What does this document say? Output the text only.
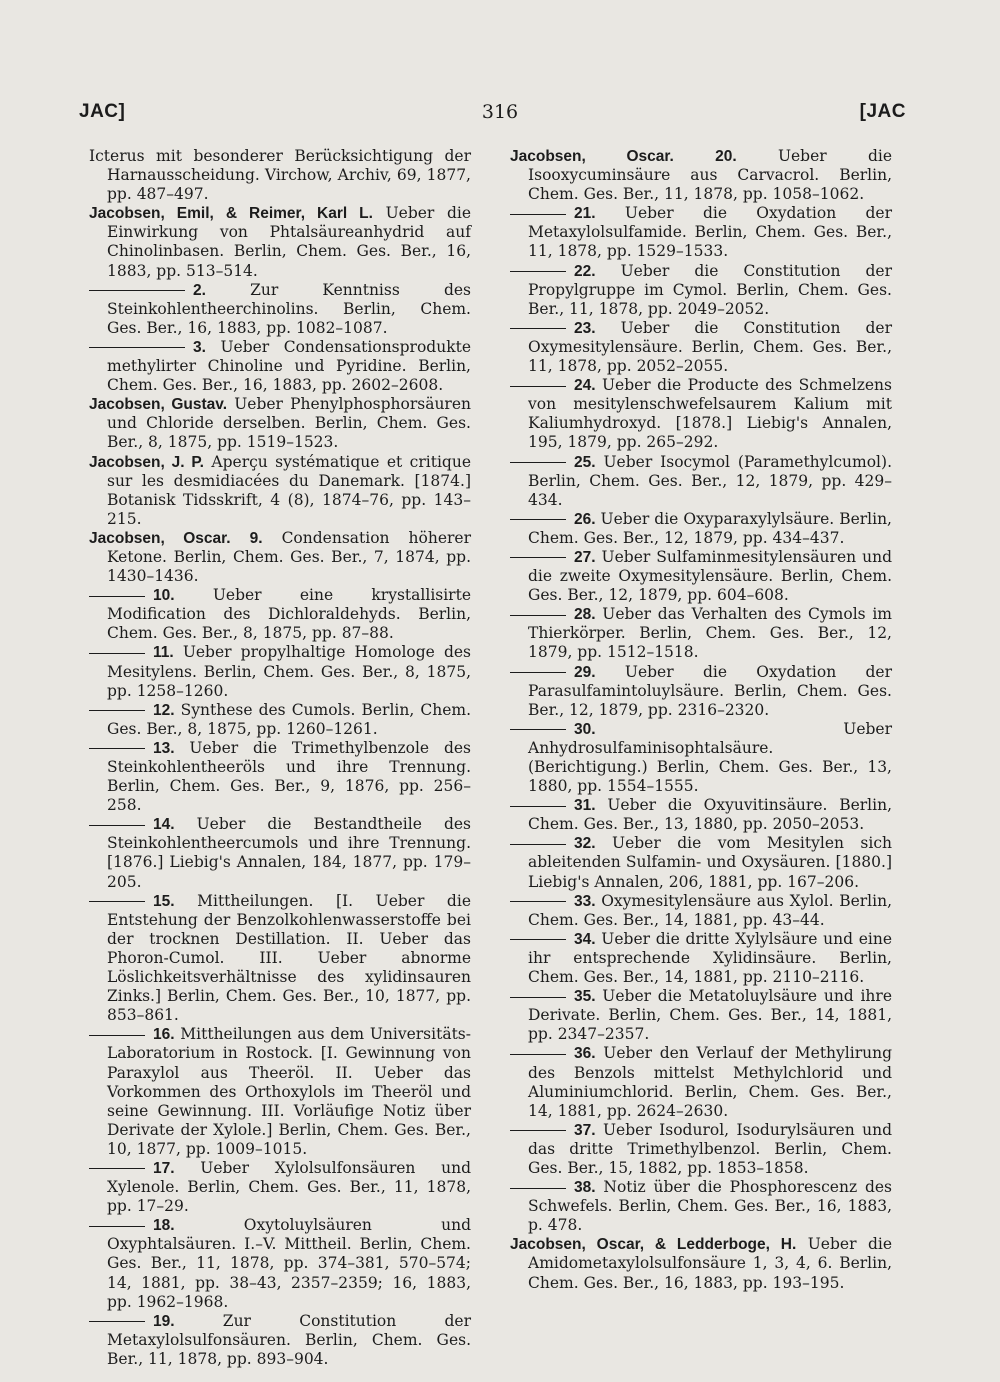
JAC]	316	[JAC
Icterus mit besonderer Berücksichtigung der Harnausscheidung. Virchow, Archiv, 69, 1877, pp. 487–497.
Jacobsen, Emil, & Reimer, Karl L. Ueber die Einwirkung von Phtalsäureanhydrid auf Chinolinbasen. Berlin, Chem. Ges. Ber., 16, 1883, pp. 513–514.
2. Zur Kenntniss des Steinkohlentheerchinolins. Berlin, Chem. Ges. Ber., 16, 1883, pp. 1082–1087.
3. Ueber Condensationsprodukte methylirter Chinoline und Pyridine. Berlin, Chem. Ges. Ber., 16, 1883, pp. 2602–2608.
Jacobsen, Gustav. Ueber Phenylphosphorsäuren und Chloride derselben. Berlin, Chem. Ges. Ber., 8, 1875, pp. 1519–1523.
Jacobsen, J. P. Aperçu systématique et critique sur les desmidiacées du Danemark. [1874.] Botanisk Tidsskrift, 4 (8), 1874–76, pp. 143–215.
Jacobsen, Oscar. 9. Condensation höherer Ketone. Berlin, Chem. Ges. Ber., 7, 1874, pp. 1430–1436.
10. Ueber eine krystallisirte Modification des Dichloraldehyds. Berlin, Chem. Ges. Ber., 8, 1875, pp. 87–88.
11. Ueber propylhaltige Homologe des Mesitylens. Berlin, Chem. Ges. Ber., 8, 1875, pp. 1258–1260.
12. Synthese des Cumols. Berlin, Chem. Ges. Ber., 8, 1875, pp. 1260–1261.
13. Ueber die Trimethylbenzole des Steinkohlentheeröls und ihre Trennung. Berlin, Chem. Ges. Ber., 9, 1876, pp. 256–258.
14. Ueber die Bestandtheile des Steinkohlentheercumols und ihre Trennung. [1876.] Liebig's Annalen, 184, 1877, pp. 179–205.
15. Mittheilungen. [I. Ueber die Entstehung der Benzolkohlenwasserstoffe bei der trocknen Destillation. II. Ueber das Phoron-Cumol. III. Ueber abnorme Löslichkeitsverhältnisse des xylidinsauren Zinks.] Berlin, Chem. Ges. Ber., 10, 1877, pp. 853–861.
16. Mittheilungen aus dem Universitäts-Laboratorium in Rostock. [I. Gewinnung von Paraxylol aus Theeröl. II. Ueber das Vorkommen des Orthoxylols im Theeröl und seine Gewinnung. III. Vorläufige Notiz über Derivate der Xylole.] Berlin, Chem. Ges. Ber., 10, 1877, pp. 1009–1015.
17. Ueber Xylolsulfonsäuren und Xylenole. Berlin, Chem. Ges. Ber., 11, 1878, pp. 17–29.
18. Oxytoluylsäuren und Oxyphtalsäuren. I.–V. Mittheil. Berlin, Chem. Ges. Ber., 11, 1878, pp. 374–381, 570–574; 14, 1881, pp. 38–43, 2357–2359; 16, 1883, pp. 1962–1968.
19. Zur Constitution der Metaxylolsulfonsäuren. Berlin, Chem. Ges. Ber., 11, 1878, pp. 893–904.
Jacobsen, Oscar.	20. Ueber die Isooxycuminsäure aus Carvacrol. Berlin, Chem. Ges. Ber., 11, 1878, pp. 1058–1062.
21. Ueber die Oxydation der Metaxylolsulfamide. Berlin, Chem. Ges. Ber., 11, 1878, pp. 1529–1533.
22. Ueber die Constitution der Propylgruppe im Cymol. Berlin, Chem. Ges. Ber., 11, 1878, pp. 2049–2052.
23. Ueber die Constitution der Oxymesitylensäure. Berlin, Chem. Ges. Ber., 11, 1878, pp. 2052–2055.
24. Ueber die Producte des Schmelzens von mesitylenschwefelsaurem Kalium mit Kaliumhydroxyd. [1878.] Liebig's Annalen, 195, 1879, pp. 265–292.
25. Ueber Isocymol (Paramethylcumol). Berlin, Chem. Ges. Ber., 12, 1879, pp. 429–434.
26. Ueber die Oxyparaxylylsäure. Berlin, Chem. Ges. Ber., 12, 1879, pp. 434–437.
27. Ueber Sulfaminmesitylensäuren und die zweite Oxymesitylensäure. Berlin, Chem. Ges. Ber., 12, 1879, pp. 604–608.
28. Ueber das Verhalten des Cymols im Thierkörper. Berlin, Chem. Ges. Ber., 12, 1879, pp. 1512–1518.
29. Ueber die Oxydation der Parasulfamintoluylsäure. Berlin, Chem. Ges. Ber., 12, 1879, pp. 2316–2320.
30. Ueber Anhydrosulfaminisophtalsäure. (Berichtigung.) Berlin, Chem. Ges. Ber., 13, 1880, pp. 1554–1555.
31. Ueber die Oxyuvitinsäure. Berlin, Chem. Ges. Ber., 13, 1880, pp. 2050–2053.
32. Ueber die vom Mesitylen sich ableitenden Sulfamin- und Oxysäuren. [1880.] Liebig's Annalen, 206, 1881, pp. 167–206.
33. Oxymesitylensäure aus Xylol. Berlin, Chem. Ges. Ber., 14, 1881, pp. 43–44.
34. Ueber die dritte Xylylsäure und eine ihr entsprechende Xylidinsäure. Berlin, Chem. Ges. Ber., 14, 1881, pp. 2110–2116.
35. Ueber die Metatoluylsäure und ihre Derivate. Berlin, Chem. Ges. Ber., 14, 1881, pp. 2347–2357.
36. Ueber den Verlauf der Methylirung des Benzols mittelst Methylchlorid und Aluminiumchlorid. Berlin, Chem. Ges. Ber., 14, 1881, pp. 2624–2630.
37. Ueber Isodurol, Isodurylsäuren und das dritte Trimethylbenzol. Berlin, Chem. Ges. Ber., 15, 1882, pp. 1853–1858.
38. Notiz über die Phosphorescenz des Schwefels. Berlin, Chem. Ges. Ber., 16, 1883, p. 478.
Jacobsen, Oscar, & Ledderboge, H. Ueber die Amidometaxylolsulfonsäure 1, 3, 4, 6. Berlin, Chem. Ges. Ber., 16, 1883, pp. 193–195.
